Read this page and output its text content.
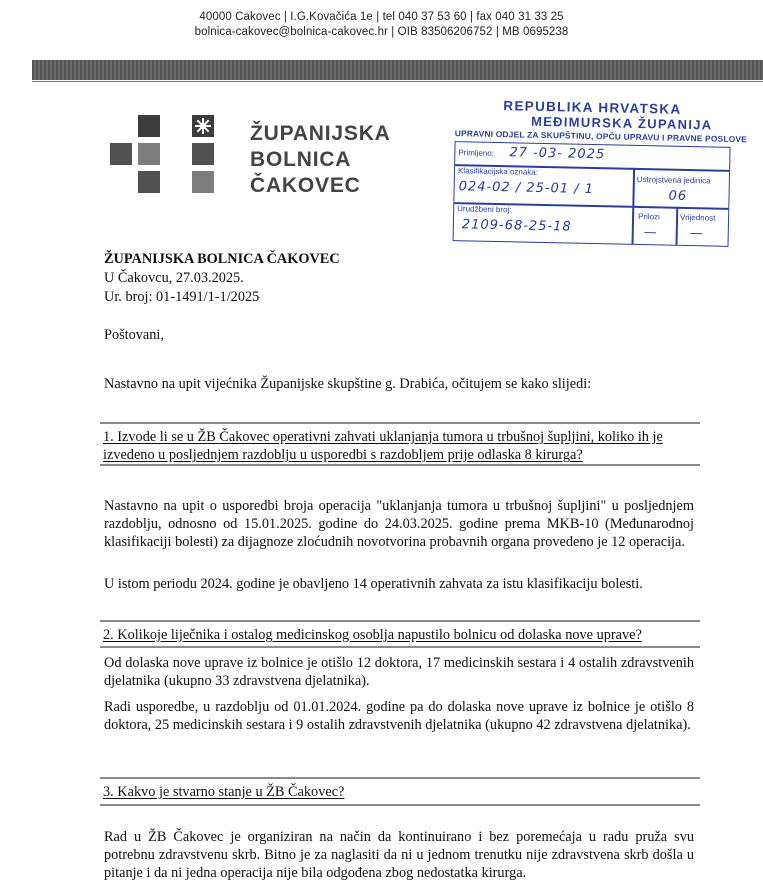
40000 Cakovec | I.G.Kovačića 1e | tel 040 37 53 60 | fax 040 31 33 25
bolnica-cakovec@bolnica-cakovec.hr | OIB 83506206752 | MB 0695238
ŽUPANIJSKA
BOLNICA
ČAKOVEC
REPUBLIKA HRVATSKA
MEĐIMURSKA ŽUPANIJA
UPRAVNI ODJEL ZA SKUPŠTINU, OPĆU UPRAVU I PRAVNE POSLOVE
Primljeno: 27 -03- 2025
Klasifikacijska oznaka:
024-02 / 25-01 / 1	Ustrojstvena jedinica
06
Urudžbeni broj:
2109-68-25-18
Prilozi
—
Vrijednost
—
ŽUPANIJSKA BOLNICA ČAKOVEC
U Čakovcu, 27.03.2025.
Ur. broj: 01-1491/1-1/2025
Poštovani,
Nastavno na upit vijećnika Županijske skupštine g. Drabića, očitujem se kako slijedi:
1. Izvode li se u ŽB Čakovec operativni zahvati uklanjanja tumora u trbušnoj šupljini, koliko ih je izvedeno u posljednjem razdoblju u usporedbi s razdobljem prije odlaska 8 kirurga?
Nastavno na upit o usporedbi broja operacija "uklanjanja tumora u trbušnoj šupljini" u posljednjem razdoblju, odnosno od 15.01.2025. godine do 24.03.2025. godine prema MKB-10 (Međunarodnoj klasifikaciji bolesti) za dijagnoze zloćudnih novotvorina probavnih organa provedeno je 12 operacija.
U istom periodu 2024. godine je obavljeno 14 operativnih zahvata za istu klasifikaciju bolesti.
2. Kolikoje liječnika i ostalog medicinskog osoblja napustilo bolnicu od dolaska nove uprave?
Od dolaska nove uprave iz bolnice je otišlo 12 doktora, 17 medicinskih sestara i 4 ostalih zdravstvenih djelatnika (ukupno 33 zdravstvena djelatnika).
Radi usporedbe, u razdoblju od 01.01.2024. godine pa do dolaska nove uprave iz bolnice je otišlo 8 doktora, 25 medicinskih sestara i 9 ostalih zdravstvenih djelatnika (ukupno 42 zdravstvena djelatnika).
3. Kakvo je stvarno stanje u ŽB Čakovec?
Rad u ŽB Čakovec je organiziran na način da kontinuirano i bez poremećaja u radu pruža svu potrebnu zdravstvenu skrb. Bitno je za naglasiti da ni u jednom trenutku nije zdravstvena skrb došla u pitanje i da ni jedna operacija nije bila odgođena zbog nedostatka kirurga.
